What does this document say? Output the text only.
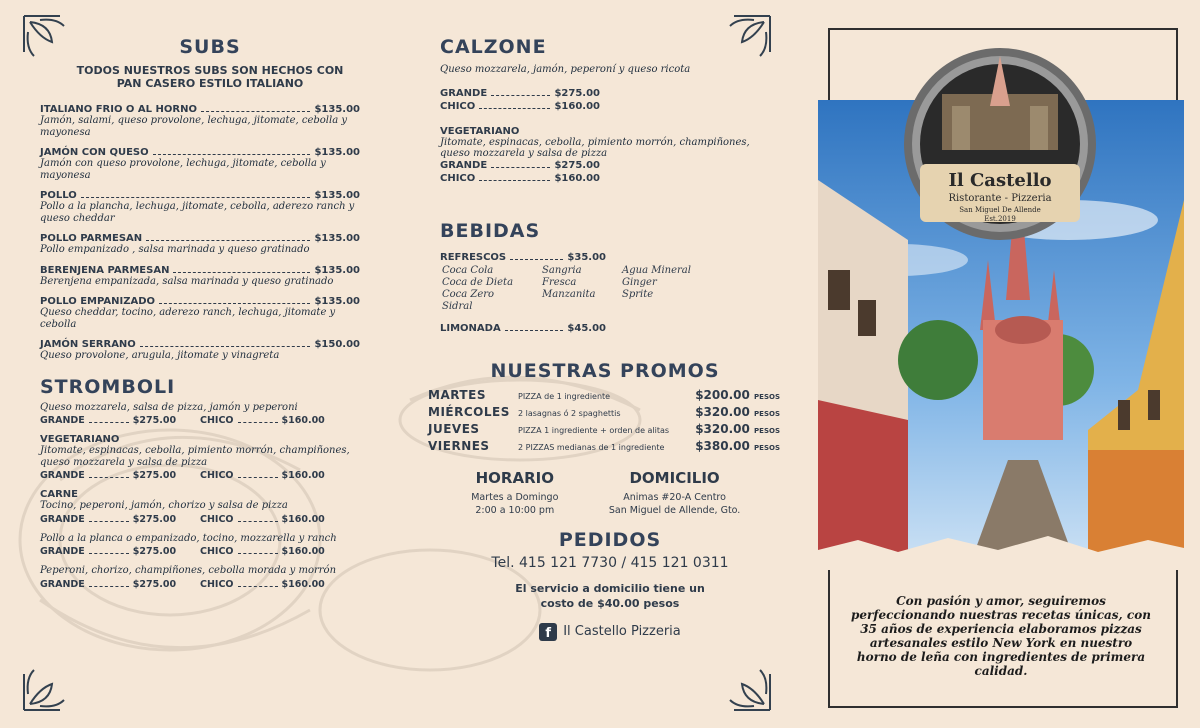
SUBS
TODOS NUESTROS SUBS SON HECHOS CON
PAN CASERO ESTILO ITALIANO
ITALIANO FRIO O AL HORNO	$135.00
Jamón, salami, queso provolone, lechuga, jitomate, cebolla y mayonesa
JAMÓN CON QUESO	$135.00
Jamón con queso provolone, lechuga, jitomate, cebolla y mayonesa
POLLO	$135.00
Pollo a la plancha, lechuga, jitomate, cebolla, aderezo ranch y queso cheddar
POLLO PARMESAN	$135.00
Pollo empanizado , salsa marinada y queso gratinado
BERENJENA PARMESAN	$135.00
Berenjena empanizada, salsa marinada y queso gratinado
POLLO EMPANIZADO	$135.00
Queso cheddar, tocino, aderezo ranch, lechuga, jitomate y cebolla
JAMÓN SERRANO	$150.00
Queso provolone, arugula, jitomate y vinagreta
STROMBOLI
Queso mozzarela, salsa de pizza, jamón y peperoni
GRANDE	$275.00	CHICO	$160.00
VEGETARIANO
Jitomate, espinacas, cebolla, pimiento morrón, champiñones, queso mozzarela y salsa de pizza
GRANDE	$275.00	CHICO	$160.00
CARNE
Tocino, peperoni, jamón, chorizo y salsa de pizza
GRANDE	$275.00	CHICO	$160.00
Pollo a la planca o empanizado, tocino, mozzarella y ranch
GRANDE	$275.00	CHICO	$160.00
Peperoni, chorizo, champiñones, cebolla morada y morrón
GRANDE	$275.00	CHICO	$160.00
CALZONE
Queso mozzarela, jamón, peperoní y queso ricota
GRANDE	$275.00
CHICO	$160.00
VEGETARIANO
Jitomate, espinacas, cebolla, pimiento morrón, champiñones, queso mozzarela y salsa de pizza
GRANDE	$275.00
CHICO	$160.00
BEBIDAS
REFRESCOS	$35.00
Coca Cola	Sangria	Agua Mineral
Coca de Dieta	Fresca	Ginger
Coca Zero	Manzanita	Sprite
Sidral
LIMONADA	$45.00
NUESTRAS PROMOS
MARTES	PIZZA de 1 ingrediente	$200.00 PESOS
MIÉRCOLES	2 lasagnas ó 2 spaghettis	$320.00 PESOS
JUEVES	PIZZA 1 ingrediente + orden de alitas	$320.00 PESOS
VIERNES	2 PIZZAS medianas de 1 ingrediente	$380.00 PESOS
HORARIO
Martes a Domingo
2:00 a 10:00 pm
DOMICILIO
Animas #20-A Centro
San Miguel de Allende, Gto.
PEDIDOS
Tel. 415 121 7730 / 415 121 0311
El servicio a domicilio tiene un
costo de $40.00 pesos
f Il Castello Pizzeria
Il Castello
Ristorante - Pizzeria
San Miguel De Allende
Est.2019
Con pasión y amor, seguiremos perfeccionando nuestras recetas únicas, con 35 años de experiencia elaboramos pizzas artesanales estilo New York en nuestro horno de leña con ingredientes de primera calidad.
